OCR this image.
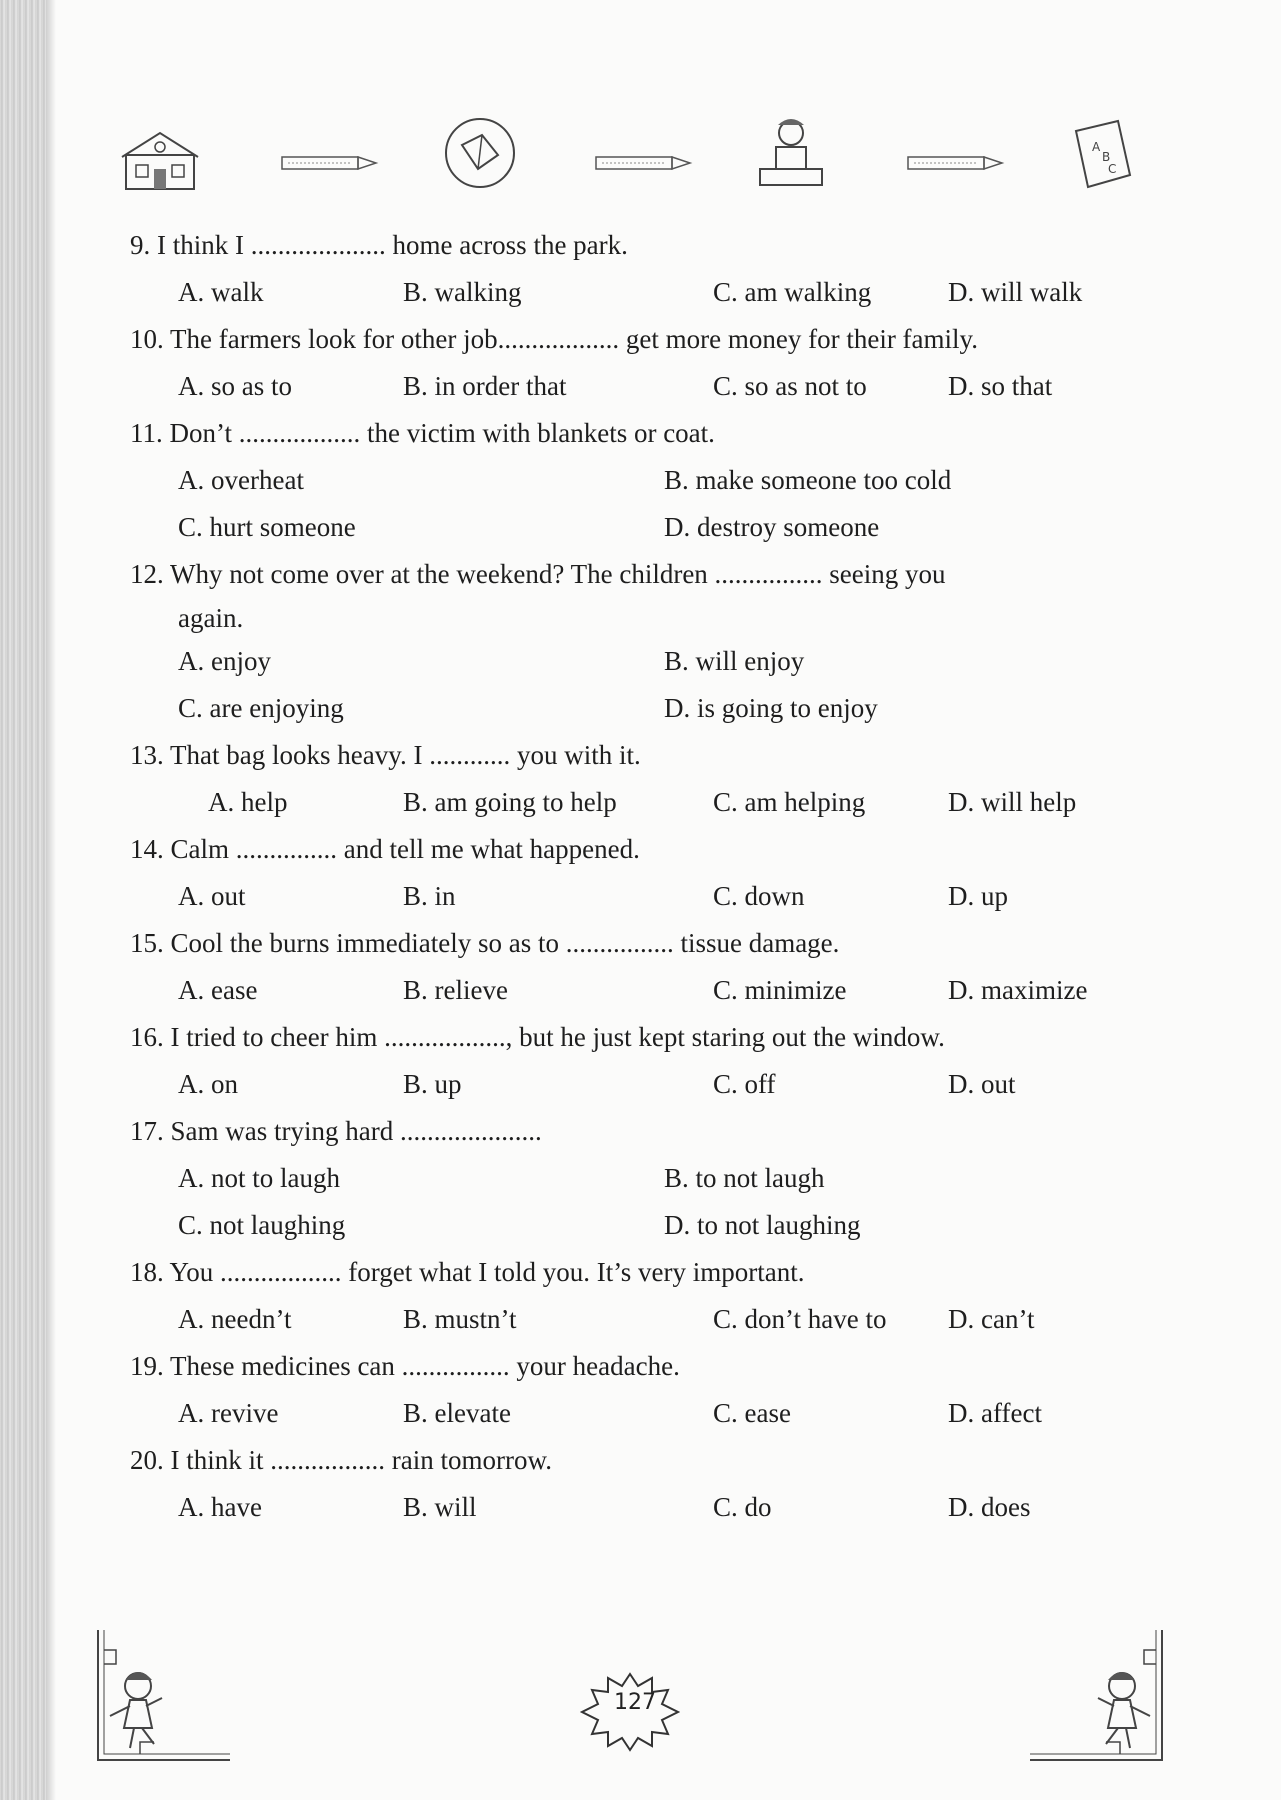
A
B
C
9. I think I .................... home across the park.
A. walk	B. walking	C. am walking	D. will walk
10. The farmers look for other job.................. get more money for their family.
A. so as to	B. in order that	C. so as not to	D. so that
11. Don’t .................. the victim with blankets or coat.
A. overheat	B. make someone too cold
C. hurt someone	D. destroy someone
12. Why not come over at the weekend? The children ................ seeing you
again.
A. enjoy	B. will enjoy
C. are enjoying	D. is going to enjoy
13. That bag looks heavy. I ............ you with it.
A. help	B. am going to help	C. am helping	D. will help
14. Calm ............... and tell me what happened.
A. out	B. in	C. down	D. up
15. Cool the burns immediately so as to ................ tissue damage.
A. ease	B. relieve	C. minimize	D. maximize
16. I tried to cheer him .................., but he just kept staring out the window.
A. on	B. up	C. off	D. out
17. Sam was trying hard .....................
A. not to laugh	B. to not laugh
C. not laughing	D. to not laughing
18. You .................. forget what I told you. It’s very important.
A. needn’t	B. mustn’t	C. don’t have to	D. can’t
19. These medicines can ................ your headache.
A. revive	B. elevate	C. ease	D. affect
20. I think it ................. rain tomorrow.
A. have	B. will	C. do	D. does
127
